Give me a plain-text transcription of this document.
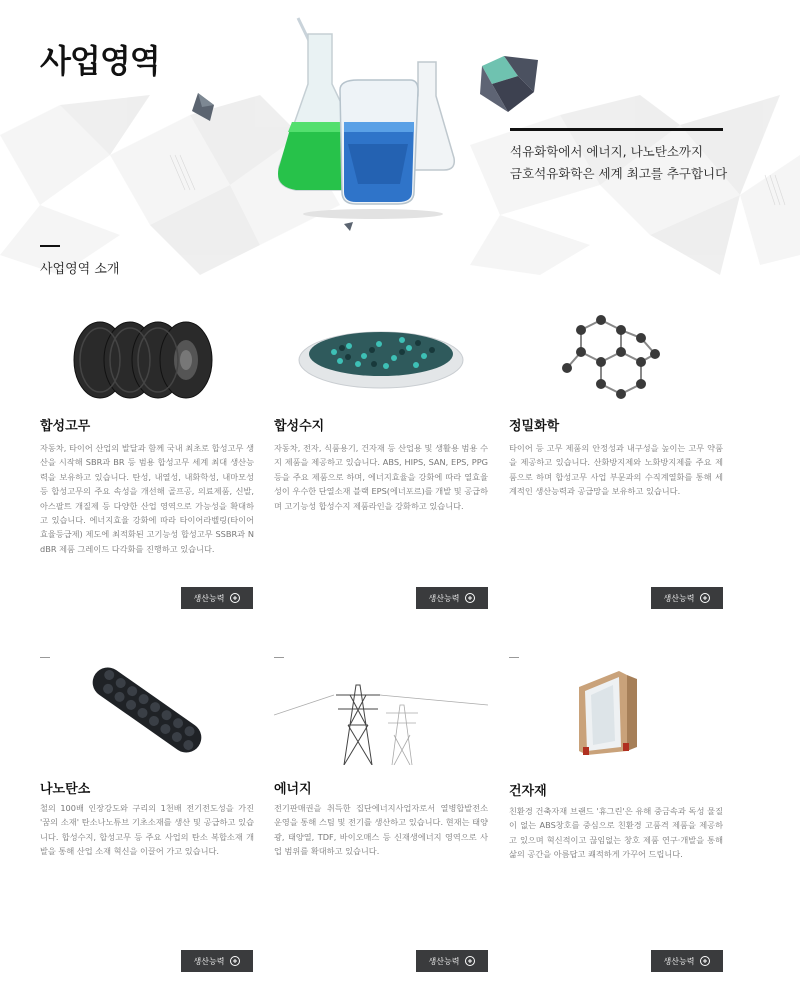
사업영역
석유화학에서 에너지, 나노탄소까지
금호석유화학은 세계 최고를 추구합니다
사업영역 소개
합성고무
자동차, 타이어 산업의 발달과 함께 국내 최초로 합성고무 생산을 시작해 SBR과 BR 등 범용 합성고무 세계 최대 생산능력을 보유하고 있습니다. 탄성, 내열성, 내화학성, 내마모성 등 합성고무의 주요 속성을 개선해 골프공, 의료제품, 신발, 아스팔트 개질제 등 다양한 산업 영역으로 가능성을 확대하고 있습니다. 에너지효율 강화에 따라 타이어라벨링(타이어효율등급제) 제도에 최적화된 고기능성 합성고무 SSBR과 NdBR 제품 그레이드 다각화를 진행하고 있습니다.
생산능력
합성수지
자동차, 전자, 식품용기, 건자재 등 산업용 및 생활용 범용 수지 제품을 제공하고 있습니다. ABS, HIPS, SAN, EPS, PPG 등을 주요 제품으로 하며, 에너지효율을 강화에 따라 열효율성이 우수한 단열소재 블랙 EPS(에너포르)를 개발 및 공급하며 고기능성 합성수지 제품라인을 강화하고 있습니다.
생산능력
정밀화학
타이어 등 고무 제품의 안정성과 내구성을 높이는 고무 약품을 제공하고 있습니다. 산화방지제와 노화방지제를 주요 제품으로 하며 합성고무 사업 부문과의 수직계열화를 통해 세계적인 생산능력과 공급망을 보유하고 있습니다.
생산능력
나노탄소
철의 100배 인장강도와 구리의 1천배 전기전도성을 가진 '꿈의 소재' 탄소나노튜브 기초소재를 생산 및 공급하고 있습니다. 합성수지, 합성고무 등 주요 사업의 탄소 복합소재 개발을 통해 산업 소재 혁신을 이끌어 가고 있습니다.
생산능력
에너지
전기판매권을 취득한 집단에너지사업자로서 열병합발전소 운영을 통해 스팀 및 전기를 생산하고 있습니다. 현재는 태양광, 태양열, TDF, 바이오매스 등 신재생에너지 영역으로 사업 범위를 확대하고 있습니다.
생산능력
건자재
친환경 건축자재 브랜드 '휴그린'은 유해 중금속과 독성 물질이 없는 ABS창호를 중심으로 친환경 고품격 제품을 제공하고 있으며 혁신적이고 끊임없는 창호 제품 연구·개발을 통해 삶의 공간을 아름답고 쾌적하게 가꾸어 드립니다.
생산능력
